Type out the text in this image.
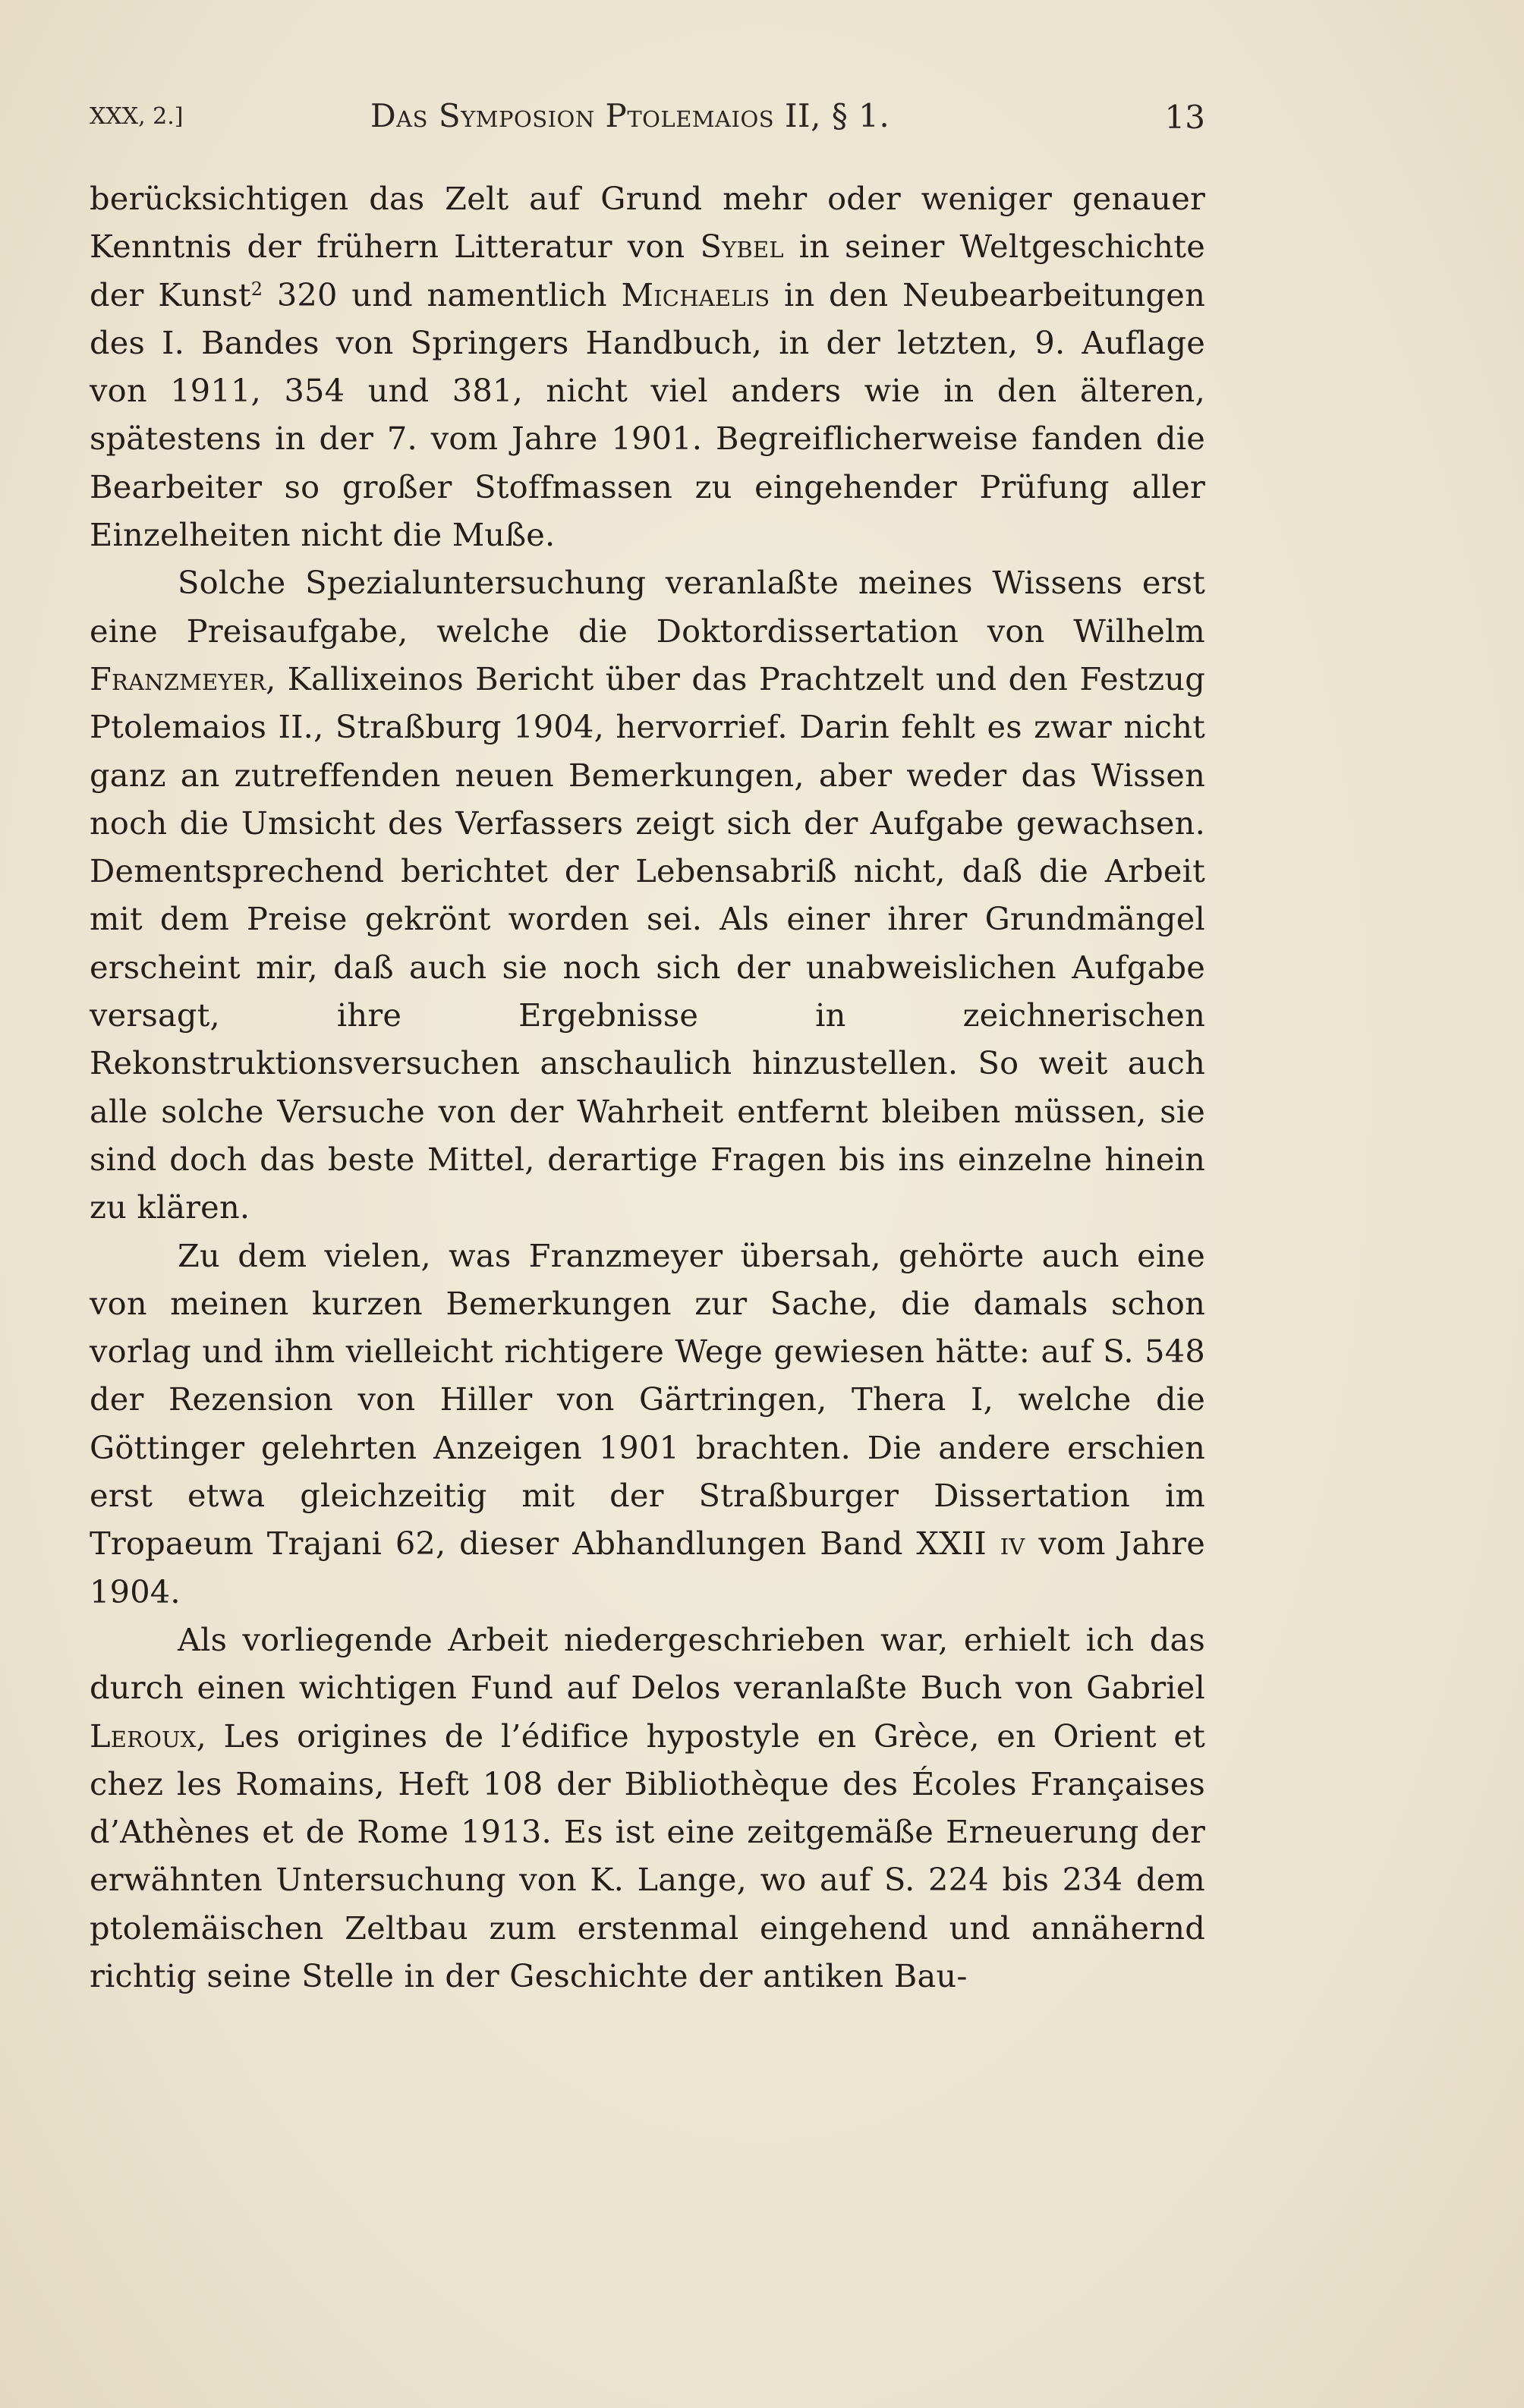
XXX, 2.]	Das Symposion Ptolemaios II, § 1.	13

berücksichtigen das Zelt auf Grund mehr oder weniger genauer Kenntnis der frühern Litteratur von Sybel in seiner Weltgeschichte der Kunst$^2$ 320 und namentlich Michaelis in den Neubearbeitungen des I. Bandes von Springers Handbuch, in der letzten, 9. Auflage von 1911, 354 und 381, nicht viel anders wie in den älteren, spätestens in der 7. vom Jahre 1901. Begreiflicherweise fanden die Bearbeiter so großer Stoffmassen zu eingehender Prüfung aller Einzelheiten nicht die Muße.

Solche Spezialuntersuchung veranlaßte meines Wissens erst eine Preisaufgabe, welche die Doktordissertation von Wilhelm Franzmeyer, Kallixeinos Bericht über das Prachtzelt und den Festzug Ptolemaios II., Straßburg 1904, hervorrief. Darin fehlt es zwar nicht ganz an zutreffenden neuen Bemerkungen, aber weder das Wissen noch die Umsicht des Verfassers zeigt sich der Aufgabe gewachsen. Dementsprechend berichtet der Lebensabriß nicht, daß die Arbeit mit dem Preise gekrönt worden sei. Als einer ihrer Grundmängel erscheint mir, daß auch sie noch sich der unabweislichen Aufgabe versagt, ihre Ergebnisse in zeichnerischen Rekonstruktionsversuchen anschaulich hinzustellen. So weit auch alle solche Versuche von der Wahrheit entfernt bleiben müssen, sie sind doch das beste Mittel, derartige Fragen bis ins einzelne hinein zu klären.

Zu dem vielen, was Franzmeyer übersah, gehörte auch eine von meinen kurzen Bemerkungen zur Sache, die damals schon vorlag und ihm vielleicht richtigere Wege gewiesen hätte: auf S. 548 der Rezension von Hiller von Gärtringen, Thera I, welche die Göttinger gelehrten Anzeigen 1901 brachten. Die andere erschien erst etwa gleichzeitig mit der Straßburger Dissertation im Tropaeum Trajani 62, dieser Abhandlungen Band XXII iv vom Jahre 1904.

Als vorliegende Arbeit niedergeschrieben war, erhielt ich das durch einen wichtigen Fund auf Delos veranlaßte Buch von Gabriel Leroux, Les origines de l’édifice hypostyle en Grèce, en Orient et chez les Romains, Heft 108 der Bibliothèque des Écoles Françaises d’Athènes et de Rome 1913. Es ist eine zeitgemäße Erneuerung der erwähnten Untersuchung von K. Lange, wo auf S. 224 bis 234 dem ptolemäischen Zeltbau zum erstenmal eingehend und annähernd richtig seine Stelle in der Geschichte der antiken Bau-
